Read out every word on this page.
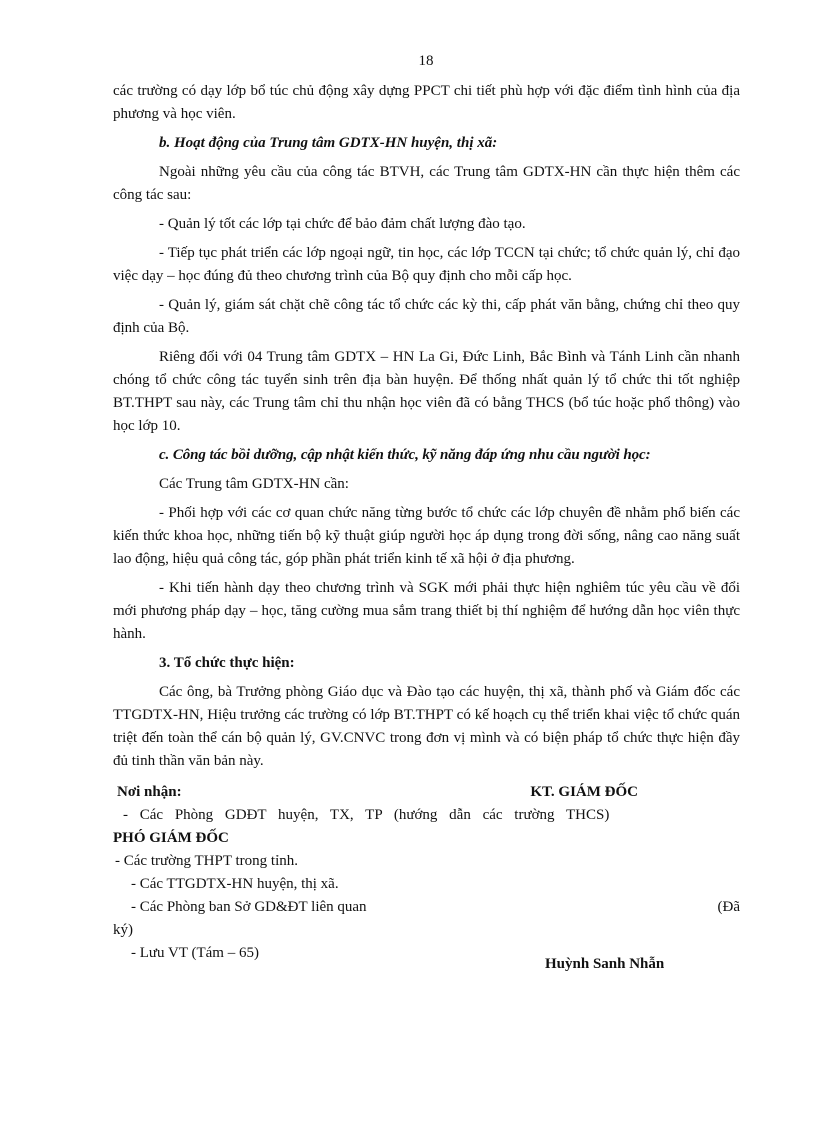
18

các trường có dạy lớp bổ túc chủ động xây dựng PPCT chi tiết phù hợp với đặc điểm tình hình của địa phương và học viên.

b. Hoạt động của Trung tâm GDTX-HN huyện, thị xã:

Ngoài những yêu cầu của công tác BTVH, các Trung tâm GDTX-HN cần thực hiện thêm các công tác sau:

- Quản lý tốt các lớp tại chức để bảo đảm chất lượng đào tạo.

- Tiếp tục phát triển các lớp ngoại ngữ, tin học, các lớp TCCN tại chức; tổ chức quản lý, chỉ đạo việc dạy – học đúng đủ theo chương trình của Bộ quy định cho mỗi cấp học.

- Quản lý, giám sát chặt chẽ công tác tổ chức các kỳ thi, cấp phát văn bằng, chứng chỉ theo quy định của Bộ.

Riêng đối với 04 Trung tâm GDTX – HN La Gi, Đức Linh, Bắc Bình và Tánh Linh cần nhanh chóng tổ chức công tác tuyển sinh trên địa bàn huyện. Để thống nhất quản lý tổ chức thi tốt nghiệp BT.THPT sau này, các Trung tâm chỉ thu nhận học viên đã có bằng THCS (bổ túc hoặc phổ thông) vào học lớp 10.

c. Công tác bồi dưỡng, cập nhật kiến thức, kỹ năng đáp ứng nhu cầu người học:

Các Trung tâm GDTX-HN cần:

- Phối hợp với các cơ quan chức năng từng bước tổ chức các lớp chuyên đề nhằm phổ biến các kiến thức khoa học, những tiến bộ kỹ thuật giúp người học áp dụng trong đời sống, nâng cao năng suất lao động, hiệu quả công tác, góp phần phát triển kinh tế xã hội ở địa phương.

- Khi tiến hành dạy theo chương trình và SGK mới phải thực hiện nghiêm túc yêu cầu về đổi mới phương pháp dạy – học, tăng cường mua sắm trang thiết bị thí nghiệm để hướng dẫn học viên thực hành.

3. Tổ chức thực hiện:

Các ông, bà Trưởng phòng Giáo dục và Đào tạo các huyện, thị xã, thành phố và Giám đốc các TTGDTX-HN, Hiệu trưởng các trường có lớp BT.THPT có kế hoạch cụ thể triển khai việc tổ chức quán triệt đến toàn thể cán bộ quản lý, GV.CNVC trong đơn vị mình và có biện pháp tổ chức thực hiện đầy đủ tinh thần văn bản này.

Nơi nhận:	KT. GIÁM ĐỐC
- Các Phòng GDĐT huyện, TX, TP (hướng dẫn các trường THCS)
PHÓ GIÁM ĐỐC
- Các trường THPT trong tỉnh.
- Các TTGDTX-HN huyện, thị xã.
- Các Phòng ban Sở GD&ĐT liên quan	(Đã
ký)
- Lưu VT (Tám – 65)
Huỳnh Sanh Nhẫn
